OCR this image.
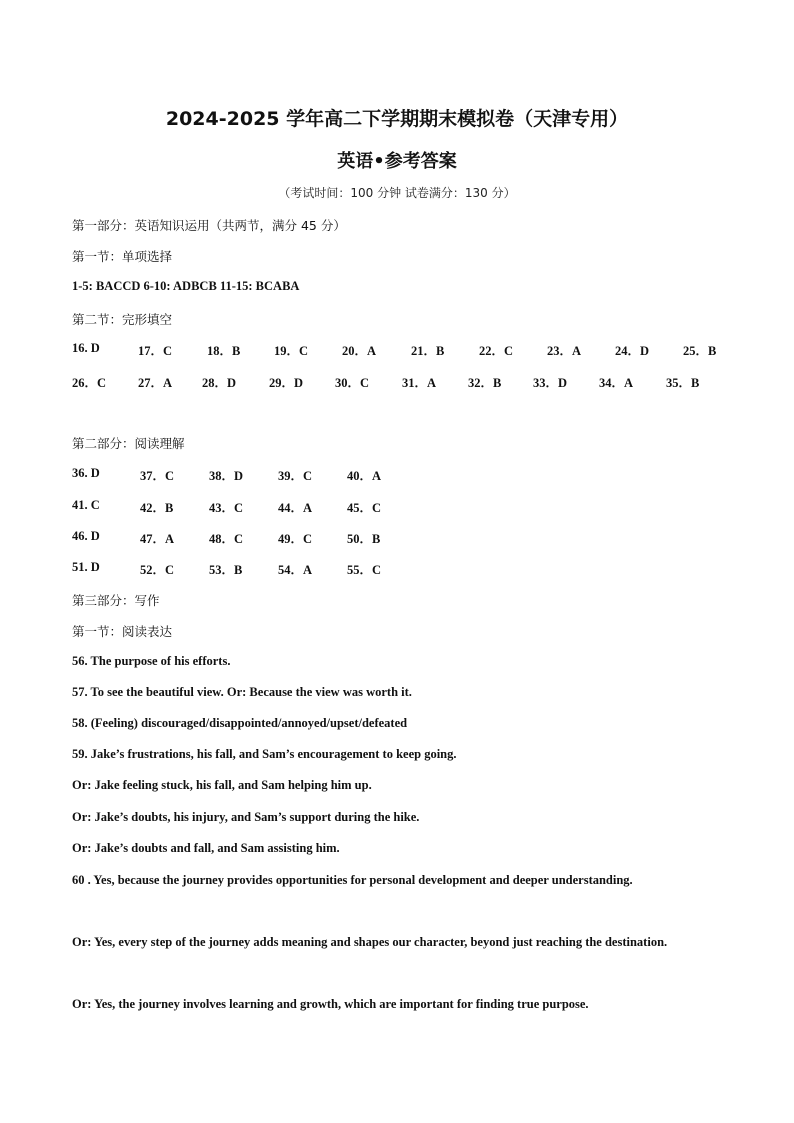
2024-2025 学年高二下学期期末模拟卷（天津专用）
英语•参考答案
（考试时间：100 分钟 试卷满分：130 分）
第一部分：英语知识运用（共两节，满分 45 分）
第一节：单项选择
1-5: BACCD 6-10: ADBCB 11-15: BCABA
第二节：完形填空
16. D	17．C	18．B	19．C	20．A	21．B	22．C	23．A	24．D	25．B
26．C	27．A 28．D	29．D	30．C	31．A	32．B	33．D	34．A	35．B
第二部分：阅读理解
36. D	37．C	38．D	39．C	40．A
41. C	42．B	43．C	44．A	45．C
46. D	47．A	48．C	49．C	50．B
51. D	52．C	53．B	54．A	55．C
第三部分：写作
第一节：阅读表达
56. The purpose of his efforts.
57. To see the beautiful view. Or: Because the view was worth it.
58. (Feeling) discouraged/disappointed/annoyed/upset/defeated
59. Jake’s frustrations, his fall, and Sam’s encouragement to keep going.
Or: Jake feeling stuck, his fall, and Sam helping him up.
Or: Jake’s doubts, his injury, and Sam’s support during the hike.
Or: Jake’s doubts and fall, and Sam assisting him.
60 . Yes, because the journey provides opportunities for personal development and deeper understanding.
Or: Yes, every step of the journey adds meaning and shapes our character, beyond just reaching the destination.
Or: Yes, the journey involves learning and growth, which are important for finding true purpose.
